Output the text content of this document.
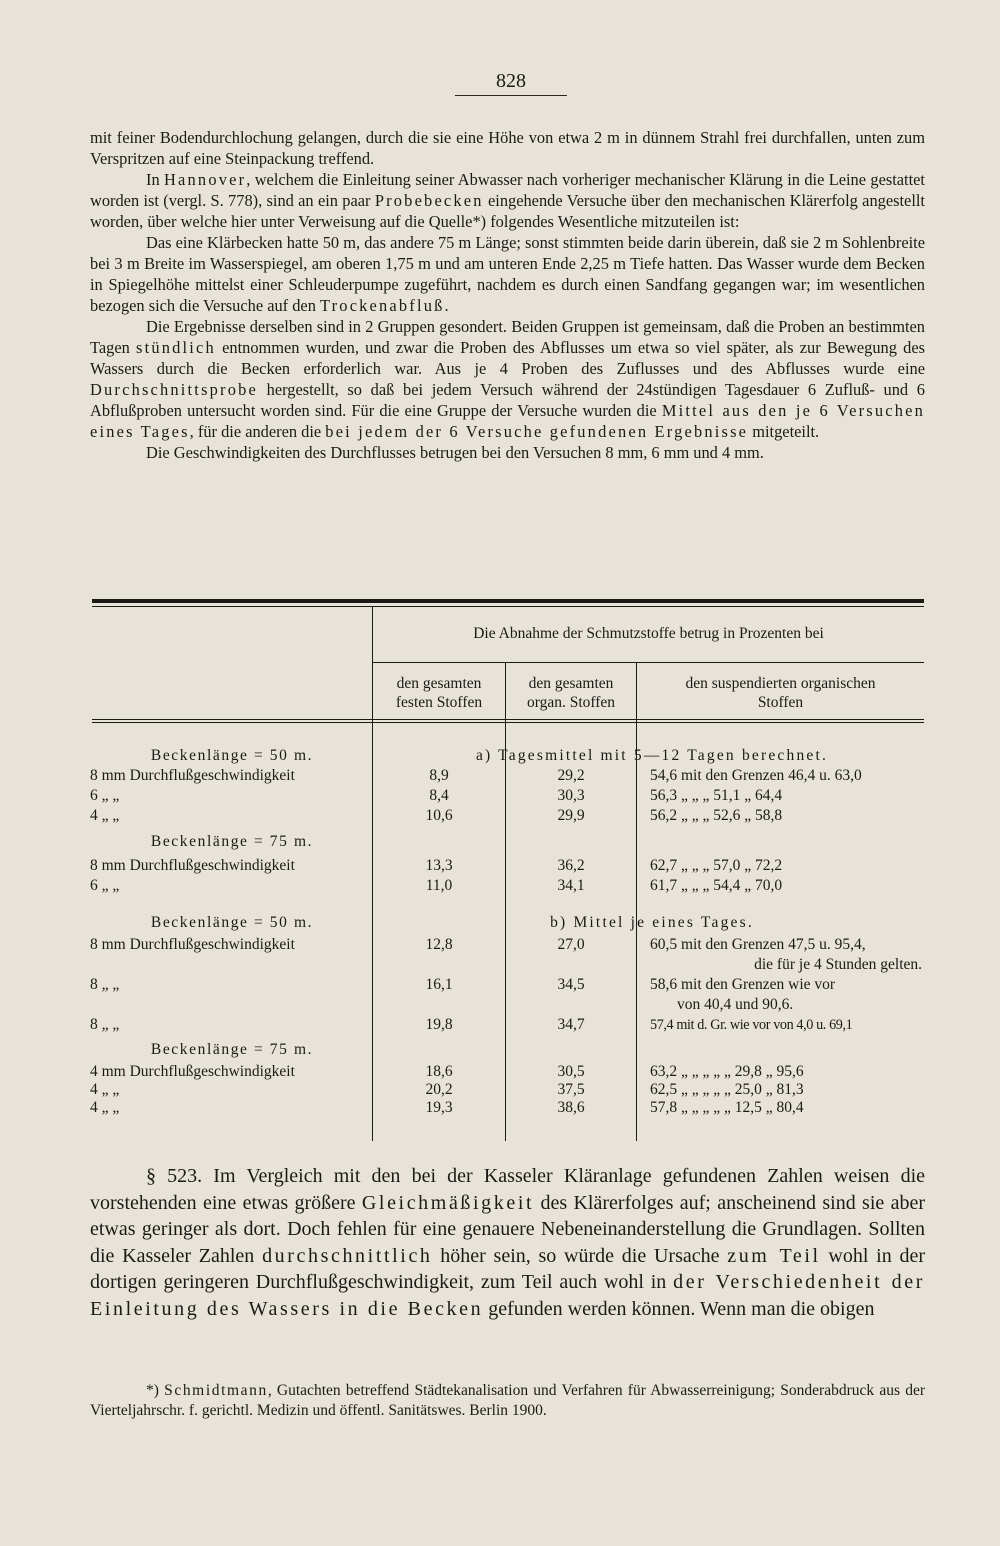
828

mit feiner Bodendurchlochung gelangen, durch die sie eine Höhe von etwa 2 m in dünnem Strahl frei durchfallen, unten zum Verspritzen auf eine Steinpackung treffend.

In Hannover, welchem die Einleitung seiner Abwasser nach vorheriger mechanischer Klärung in die Leine gestattet worden ist (vergl. S. 778), sind an ein paar Probebecken eingehende Versuche über den mechanischen Klärerfolg angestellt worden, über welche hier unter Verweisung auf die Quelle*) folgendes Wesentliche mitzuteilen ist:

Das eine Klärbecken hatte 50 m, das andere 75 m Länge; sonst stimmten beide darin überein, daß sie 2 m Sohlenbreite bei 3 m Breite im Wasserspiegel, am oberen 1,75 m und am unteren Ende 2,25 m Tiefe hatten. Das Wasser wurde dem Becken in Spiegelhöhe mittelst einer Schleuderpumpe zugeführt, nachdem es durch einen Sandfang gegangen war; im wesentlichen bezogen sich die Versuche auf den Trockenabfluß.

Die Ergebnisse derselben sind in 2 Gruppen gesondert. Beiden Gruppen ist gemeinsam, daß die Proben an bestimmten Tagen stündlich entnommen wurden, und zwar die Proben des Abflusses um etwa so viel später, als zur Bewegung des Wassers durch die Becken erforderlich war. Aus je 4 Proben des Zuflusses und des Abflusses wurde eine Durchschnittsprobe hergestellt, so daß bei jedem Versuch während der 24stündigen Tagesdauer 6 Zufluß- und 6 Abflußproben untersucht worden sind. Für die eine Gruppe der Versuche wurden die Mittel aus den je 6 Versuchen eines Tages, für die anderen die bei jedem der 6 Versuche gefundenen Ergebnisse mitgeteilt.

Die Geschwindigkeiten des Durchflusses betrugen bei den Versuchen 8 mm, 6 mm und 4 mm.

Die Abnahme der Schmutzstoffe betrug in Prozenten bei
den gesamten
festen Stoffen
den gesamten
organ. Stoffen
den suspendierten organischen
Stoffen
Beckenlänge = 50 m.	a) Tagesmittel mit 5—12 Tagen berechnet.
8 mm Durchflußgeschwindigkeit	8,9	29,2	54,6 mit den Grenzen 46,4 u. 63,0
6 „ „	8,4	30,3	56,3 „ „ „ 51,1 „ 64,4
4 „ „	10,6	29,9	56,2 „ „ „ 52,6 „ 58,8
Beckenlänge = 75 m.
8 mm Durchflußgeschwindigkeit	13,3	36,2	62,7 „ „ „ 57,0 „ 72,2
6 „ „	11,0	34,1	61,7 „ „ „ 54,4 „ 70,0
Beckenlänge = 50 m.	b) Mittel je eines Tages.
8 mm Durchflußgeschwindigkeit	12,8	27,0	60,5 mit den Grenzen 47,5 u. 95,4,
die für je 4 Stunden gelten.
8 „ „	16,1	34,5	58,6 mit den Grenzen wie vor
von 40,4 und 90,6.
8 „ „	19,8	34,7	57,4 mit d. Gr. wie vor von 4,0 u. 69,1
Beckenlänge = 75 m.
4 mm Durchflußgeschwindigkeit	18,6	30,5	63,2 „ „ „ „ „ 29,8 „ 95,6
4 „ „	20,2	37,5	62,5 „ „ „ „ „ 25,0 „ 81,3
4 „ „	19,3	38,6	57,8 „ „ „ „ „ 12,5 „ 80,4

§ 523. Im Vergleich mit den bei der Kasseler Kläranlage gefundenen Zahlen weisen die vorstehenden eine etwas größere Gleichmäßigkeit des Klärerfolges auf; anscheinend sind sie aber etwas geringer als dort. Doch fehlen für eine genauere Nebeneinanderstellung die Grundlagen. Sollten die Kasseler Zahlen durchschnittlich höher sein, so würde die Ursache zum Teil wohl in der dortigen geringeren Durchflußgeschwindigkeit, zum Teil auch wohl in der Verschiedenheit der Einleitung des Wassers in die Becken gefunden werden können. Wenn man die obigen

*) Schmidtmann, Gutachten betreffend Städtekanalisation und Verfahren für Abwasserreinigung; Sonderabdruck aus der Vierteljahrschr. f. gerichtl. Medizin und öffentl. Sanitätswes. Berlin 1900.
